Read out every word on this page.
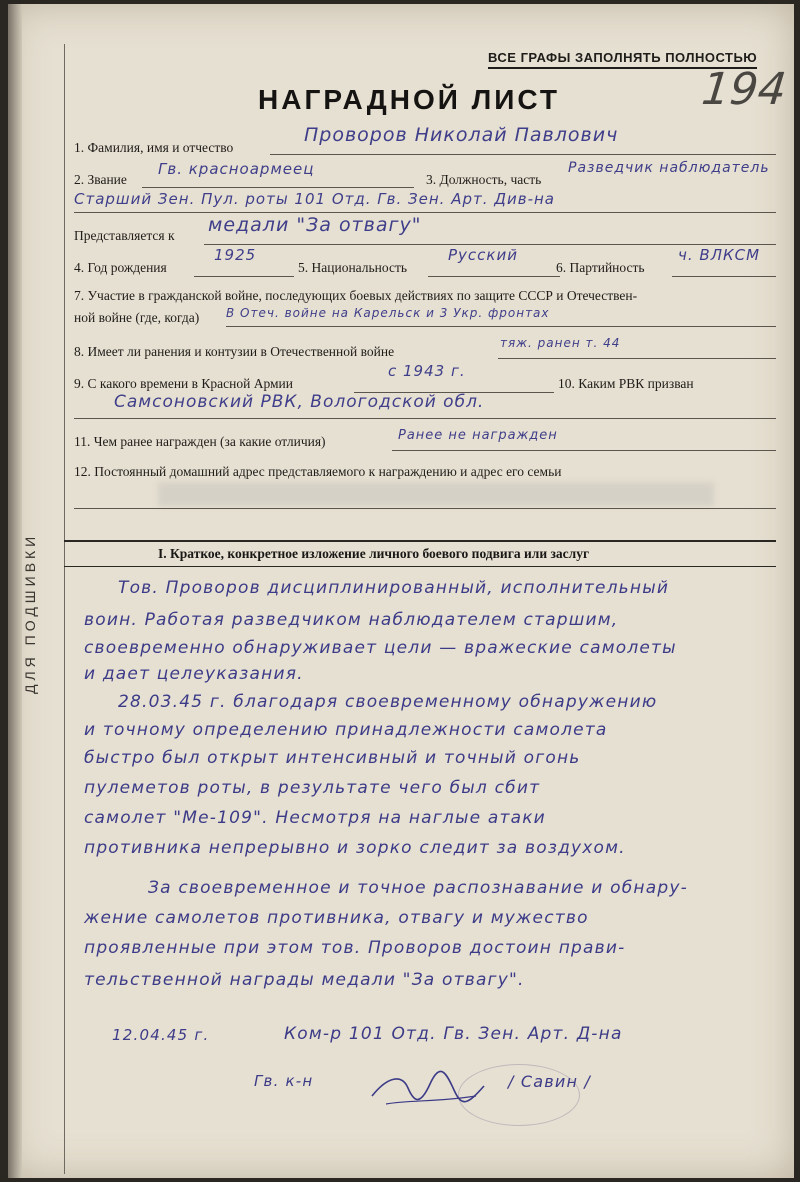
ДЛЯ ПОДШИВКИ
ВСЕ ГРАФЫ ЗАПОЛНЯТЬ ПОЛНОСТЬЮ
194
НАГРАДНОЙ ЛИСТ
1. Фамилия, имя и отчество
Проворов Николай Павлович
2. Звание
Гв. красноармеец
3. Должность, часть
Разведчик наблюдатель
Старший Зен. Пул. роты 101 Отд. Гв. Зен. Арт. Див-на
Представляется к медали "За отвагу"
4. Год рождения
1925
5. Национальность
Русский
6. Партийность
ч. ВЛКСМ
7. Участие в гражданской войне, последующих боевых действиях по защите СССР и Отечествен-
ной войне (где, когда) В Отеч. войне на Карельск и 3 Укр. фронтах
8. Имеет ли ранения и контузии в Отечественной войне
тяж. ранен т. 44
9. С какого времени в Красной Армии
с 1943 г.
10. Каким РВК призван
Самсоновский РВК, Вологодской обл.
11. Чем ранее награжден (за какие отличия)	Ранее не награжден
12. Постоянный домашний адрес представляемого к награждению и адрес его семьи
I. Краткое, конкретное изложение личного боевого подвига или заслуг
Тов. Проворов дисциплинированный, исполнительный
воин. Работая разведчиком наблюдателем старшим,
своевременно обнаруживает цели — вражеские самолеты
и дает целеуказания.
28.03.45 г. благодаря своевременному обнаружению
и точному определению принадлежности самолета
быстро был открыт интенсивный и точный огонь
пулеметов роты, в результате чего был сбит
самолет "Ме-109". Несмотря на наглые атаки
противника непрерывно и зорко следит за воздухом.
За своевременное и точное распознавание и обнару-
жение самолетов противника, отвагу и мужество
проявленные при этом тов. Проворов достоин прави-
тельственной награды медали "За отвагу".
12.04.45 г.	Ком-р 101 Отд. Гв. Зен. Арт. Д-на
Гв. к-н	/ Савин /
